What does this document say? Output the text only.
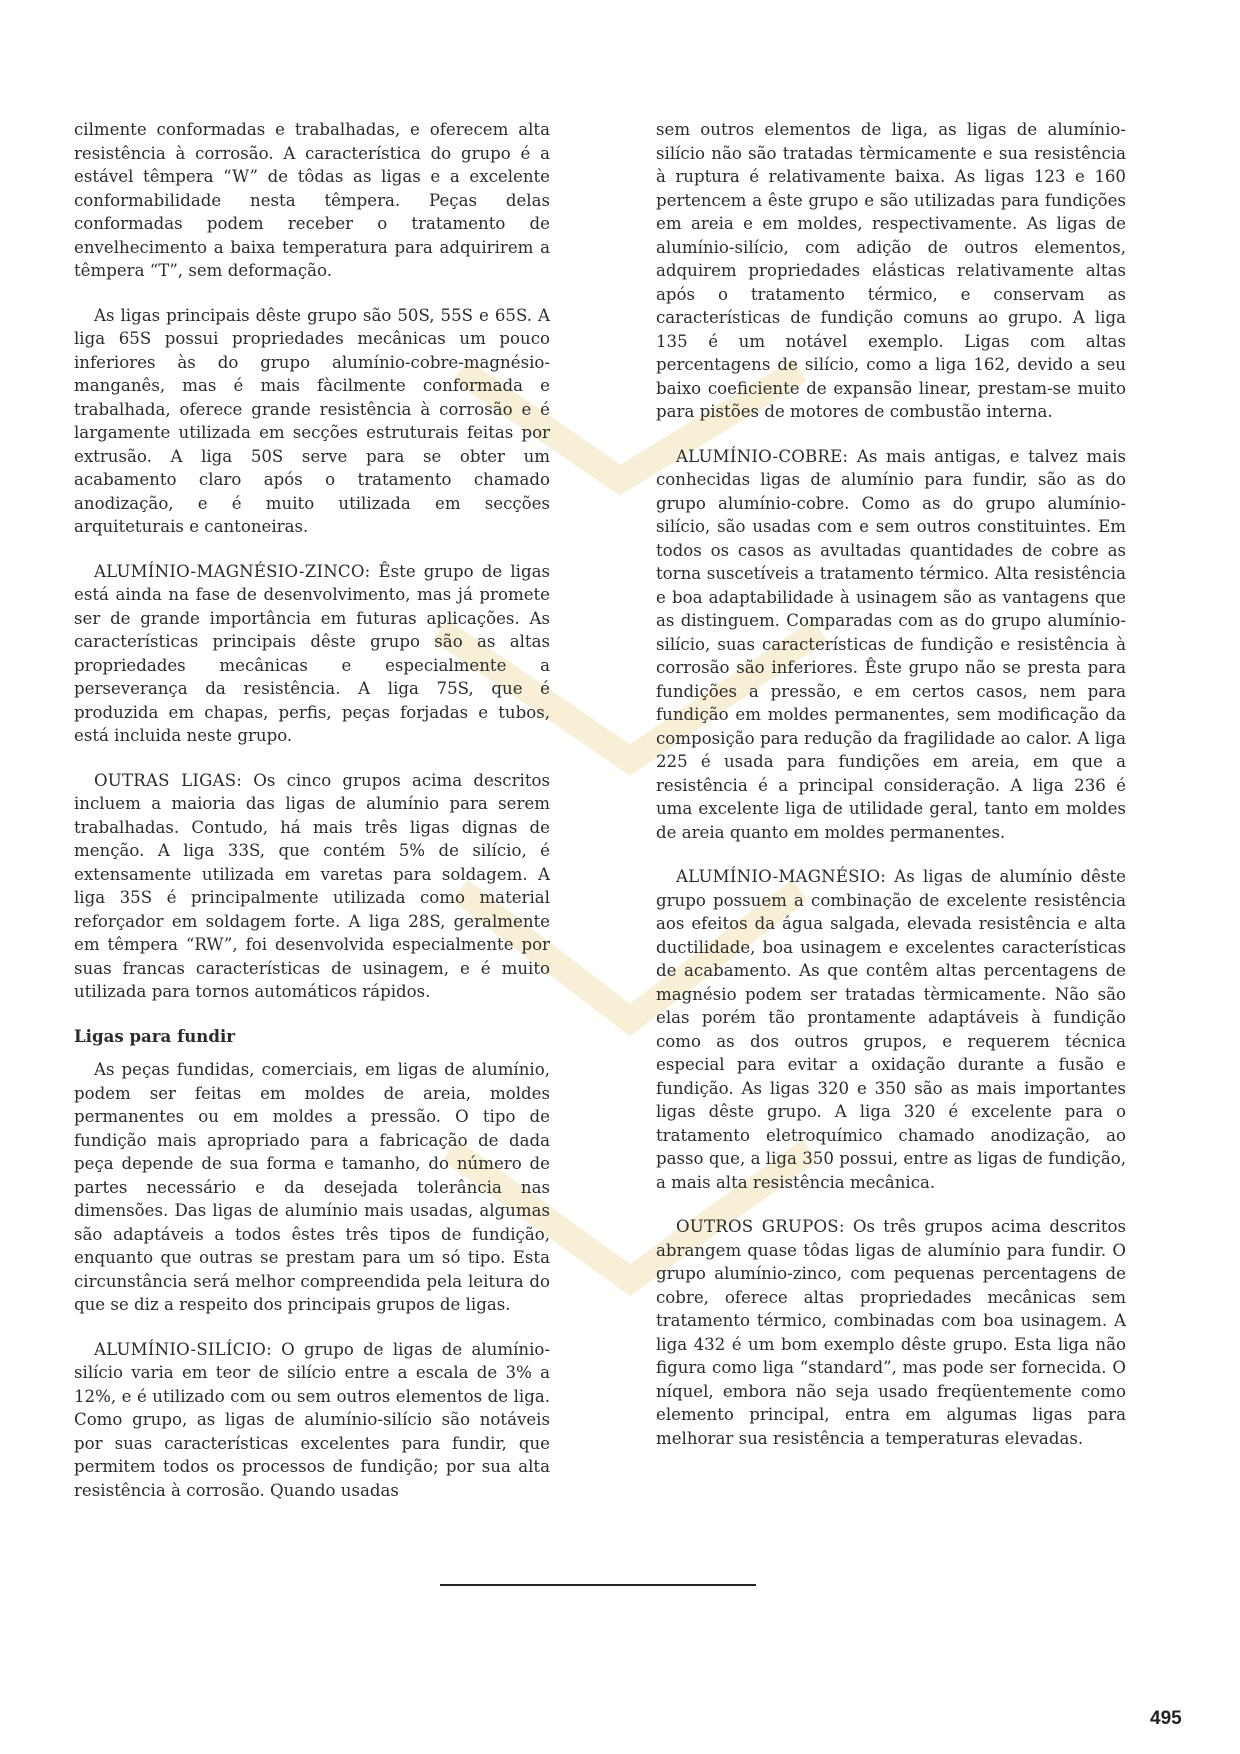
cilmente conformadas e trabalhadas, e oferecem alta resistência à corrosão. A característica do grupo é a estável têmpera “W” de tôdas as ligas e a excelente conformabilidade nesta têmpera. Peças delas conformadas podem receber o tratamento de envelhecimento a baixa temperatura para adquirirem a têmpera “T”, sem deformação.

As ligas principais dêste grupo são 50S, 55S e 65S. A liga 65S possui propriedades mecânicas um pouco inferiores às do grupo alumínio-cobre-magnésio-manganês, mas é mais fàcilmente conformada e trabalhada, oferece grande resistência à corrosão e é largamente utilizada em secções estruturais feitas por extrusão. A liga 50S serve para se obter um acabamento claro após o tratamento chamado anodização, e é muito utilizada em secções arquiteturais e cantoneiras.

ALUMÍNIO-MAGNÉSIO-ZINCO: Êste grupo de ligas está ainda na fase de desenvolvimento, mas já promete ser de grande importância em futuras aplicações. As características principais dêste grupo são as altas propriedades mecânicas e especialmente a perseverança da resistência. A liga 75S, que é produzida em chapas, perfis, peças forjadas e tubos, está incluida neste grupo.

OUTRAS LIGAS: Os cinco grupos acima descritos incluem a maioria das ligas de alumínio para serem trabalhadas. Contudo, há mais três ligas dignas de menção. A liga 33S, que contém 5% de silício, é extensamente utilizada em varetas para soldagem. A liga 35S é principalmente utilizada como material reforçador em soldagem forte. A liga 28S, geralmente em têmpera “RW”, foi desenvolvida especialmente por suas francas características de usinagem, e é muito utilizada para tornos automáticos rápidos.

Ligas para fundir

As peças fundidas, comerciais, em ligas de alumínio, podem ser feitas em moldes de areia, moldes permanentes ou em moldes a pressão. O tipo de fundição mais apropriado para a fabricação de dada peça depende de sua forma e tamanho, do número de partes necessário e da desejada tolerância nas dimensões. Das ligas de alumínio mais usadas, algumas são adaptáveis a todos êstes três tipos de fundição, enquanto que outras se prestam para um só tipo. Esta circunstância será melhor compreendida pela leitura do que se diz a respeito dos principais grupos de ligas.

ALUMÍNIO-SILÍCIO: O grupo de ligas de alumínio-silício varia em teor de silício entre a escala de 3% a 12%, e é utilizado com ou sem outros elementos de liga. Como grupo, as ligas de alumínio-silício são notáveis por suas características excelentes para fundir, que permitem todos os processos de fundição; por sua alta resistência à corrosão. Quando usadas

sem outros elementos de liga, as ligas de alumínio-silício não são tratadas tèrmicamente e sua resistência à ruptura é relativamente baixa. As ligas 123 e 160 pertencem a êste grupo e são utilizadas para fundições em areia e em moldes, respectivamente. As ligas de alumínio-silício, com adição de outros elementos, adquirem propriedades elásticas relativamente altas após o tratamento térmico, e conservam as características de fundição comuns ao grupo. A liga 135 é um notável exemplo. Ligas com altas percentagens de silício, como a liga 162, devido a seu baixo coeficiente de expansão linear, prestam-se muito para pistões de motores de combustão interna.

ALUMÍNIO-COBRE: As mais antigas, e talvez mais conhecidas ligas de alumínio para fundir, são as do grupo alumínio-cobre. Como as do grupo alumínio-silício, são usadas com e sem outros constituintes. Em todos os casos as avultadas quantidades de cobre as torna suscetíveis a tratamento térmico. Alta resistência e boa adaptabilidade à usinagem são as vantagens que as distinguem. Comparadas com as do grupo alumínio-silício, suas características de fundição e resistência à corrosão são inferiores. Êste grupo não se presta para fundições a pressão, e em certos casos, nem para fundição em moldes permanentes, sem modificação da composição para redução da fragilidade ao calor. A liga 225 é usada para fundições em areia, em que a resistência é a principal consideração. A liga 236 é uma excelente liga de utilidade geral, tanto em moldes de areia quanto em moldes permanentes.

ALUMÍNIO-MAGNÉSIO: As ligas de alumínio dêste grupo possuem a combinação de excelente resistência aos efeitos da água salgada, elevada resistência e alta ductilidade, boa usinagem e excelentes características de acabamento. As que contêm altas percentagens de magnésio podem ser tratadas tèrmicamente. Não são elas porém tão prontamente adaptáveis à fundição como as dos outros grupos, e requerem técnica especial para evitar a oxidação durante a fusão e fundição. As ligas 320 e 350 são as mais importantes ligas dêste grupo. A liga 320 é excelente para o tratamento eletroquímico chamado anodização, ao passo que, a liga 350 possui, entre as ligas de fundição, a mais alta resistência mecânica.

OUTROS GRUPOS: Os três grupos acima descritos abrangem quase tôdas ligas de alumínio para fundir. O grupo alumínio-zinco, com pequenas percentagens de cobre, oferece altas propriedades mecânicas sem tratamento térmico, combinadas com boa usinagem. A liga 432 é um bom exemplo dêste grupo. Esta liga não figura como liga “standard”, mas pode ser fornecida. O níquel, embora não seja usado freqüentemente como elemento principal, entra em algumas ligas para melhorar sua resistência a temperaturas elevadas.

495
